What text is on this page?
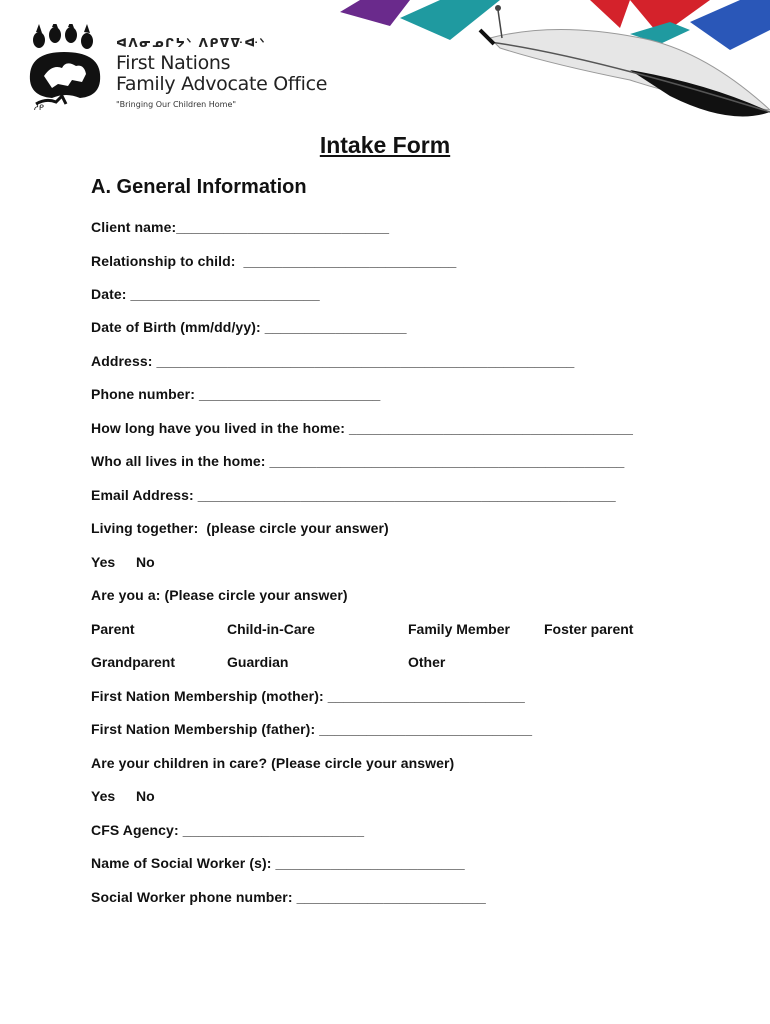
ᓱᑭ
ᐊᐱᓂᓄᒋᔭᐠ ᐱᑭᐁᐍᐘᐠ
First Nations
Family Advocate Office
"Bringing Our Children Home"
Intake Form
A. General Information
Client name:___________________________
Relationship to child:  ___________________________
Date: ________________________
Date of Birth (mm/dd/yy): __________________
Address: _____________________________________________________
Phone number: _______________________
How long have you lived in the home: ____________________________________
Who all lives in the home: _____________________________________________
Email Address: _____________________________________________________
Living together:  (please circle your answer)
Yes No
Are you a: (Please circle your answer)
Parent	Child-in-Care	Family Member Foster parent
Grandparent	Guardian	Other
First Nation Membership (mother): _________________________
First Nation Membership (father): ___________________________
Are your children in care? (Please circle your answer)
Yes No
CFS Agency: _______________________
Name of Social Worker (s): ________________________
Social Worker phone number: ________________________
